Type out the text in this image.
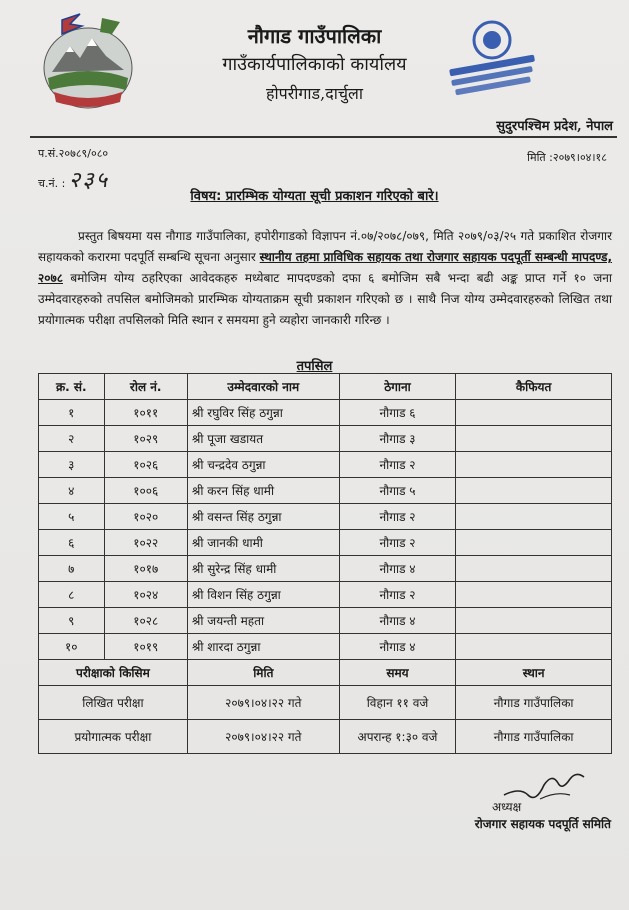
नौगाड गाउँपालिका
गाउँकार्यपालिकाको कार्यालय
होपरीगाड,दार्चुला
सुदुरपश्चिम प्रदेश, नेपाल
प.सं.२०७८९/०८०
च.नं. : २३५
मिति :२०७९।०४।१८
विषय: प्रारम्भिक योग्यता सूची प्रकाशन गरिएको बारे।

प्रस्तुत बिषयमा यस नौगाड गाउँपालिका, हपोरीगाडको विज्ञापन नं.०७/२०७८/०७९, मिति २०७९/०३/२५ गते प्रकाशित रोजगार सहायकको करारमा पदपूर्ति सम्बन्धि सूचना अनुसार स्थानीय तहमा प्राविधिक सहायक तथा रोजगार सहायक पदपूर्ती सम्बन्धी मापदण्ड, २०७८ बमोजिम योग्य ठहरिएका आवेदकहरु मध्येबाट मापदण्डको दफा ६ बमोजिम सबै भन्दा बढी अङ्क प्राप्त गर्ने १० जना उम्मेदवारहरुको तपसिल बमोजिमको प्रारम्भिक योग्यताक्रम सूची प्रकाशन गरिएको छ । साथै निज योग्य उम्मेदवारहरुको लिखित तथा प्रयोगात्मक परीक्षा तपसिलको मिति स्थान र समयमा हुने व्यहोरा जानकारी गरिन्छ ।

तपसिल
क्र. सं.	रोल नं.	उम्मेदवारको नाम	ठेगाना	कैफियत
१	१०११	श्री रघुविर सिंह ठगुन्ना	नौगाड ६	
२	१०२९	श्री पूजा खडायत	नौगाड ३	
३	१०२६	श्री चन्द्रदेव ठगुन्ना	नौगाड २	
४	१००६	श्री करन सिंह धामी	नौगाड ५	
५	१०२०	श्री वसन्त सिंह ठगुन्ना	नौगाड २	
६	१०२२	श्री जानकी धामी	नौगाड २	
७	१०१७	श्री सुरेन्द्र सिंह धामी	नौगाड ४	
८	१०२४	श्री विशन सिंह ठगुन्ना	नौगाड २	
९	१०२८	श्री जयन्ती महता	नौगाड ४	
१०	१०१९	श्री शारदा ठगुन्ना	नौगाड ४	
परीक्षाको किसिम		मिति	समय	स्थान
लिखित परीक्षा		२०७९।०४।२२ गते	विहान ११ वजे	नौगाड गाउँपालिका
प्रयोगात्मक परीक्षा		२०७९।०४।२२ गते	अपरान्ह १:३० वजे	नौगाड गाउँपालिका
अध्यक्ष
रोजगार सहायक पदपूर्ति समिति
